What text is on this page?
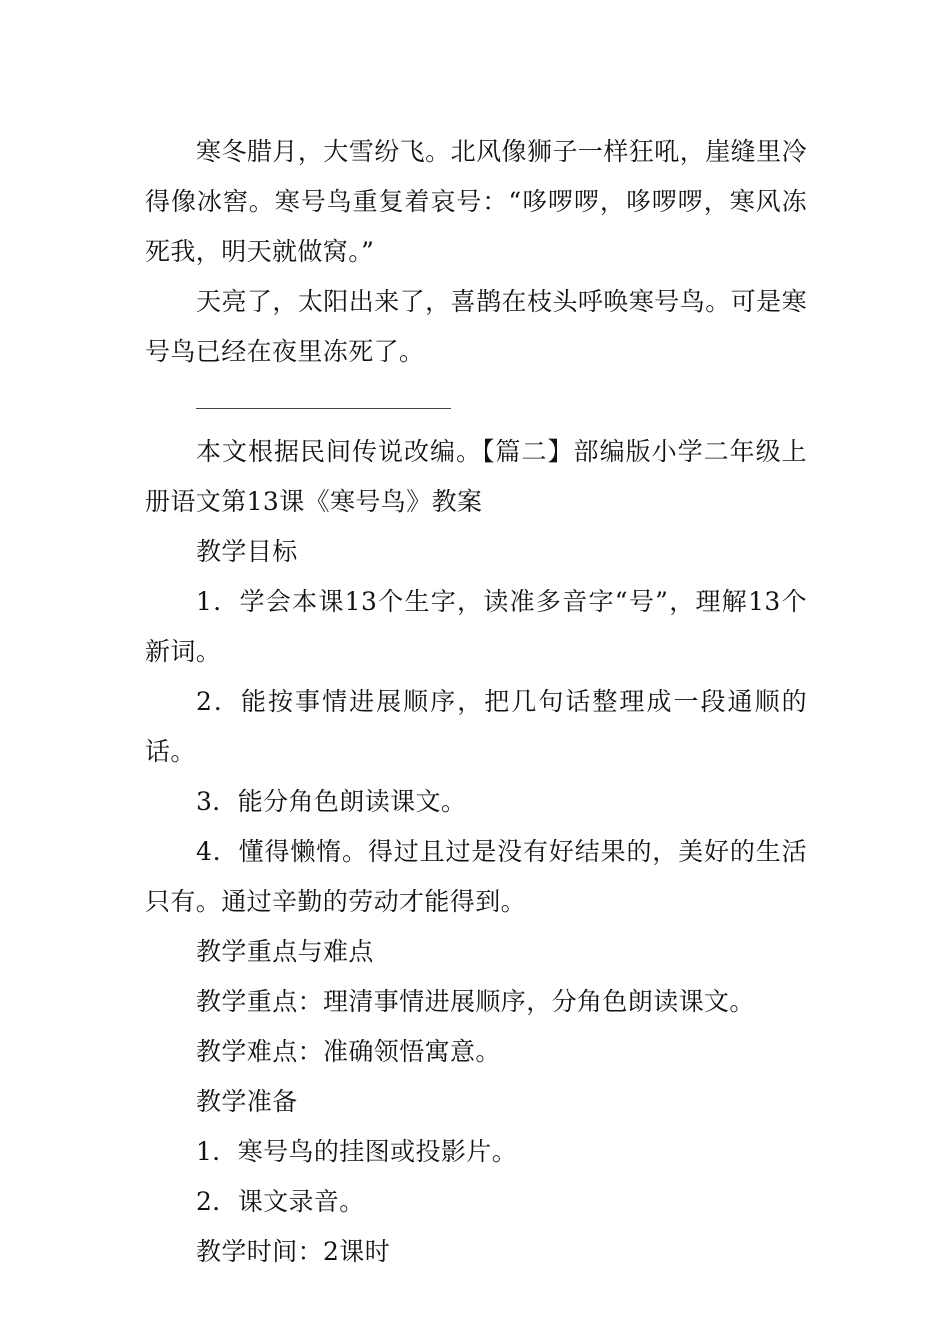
寒冬腊月，大雪纷飞。北风像狮子一样狂吼，崖缝里冷得像冰窖。寒号鸟重复着哀号：“哆啰啰，哆啰啰，寒风冻死我，明天就做窝。”

天亮了，太阳出来了，喜鹊在枝头呼唤寒号鸟。可是寒号鸟已经在夜里冻死了。

本文根据民间传说改编。【篇二】部编版小学二年级上册语文第13课《寒号鸟》教案

教学目标

1．学会本课13个生字，读准多音字“号”，理解13个新词。

2．能按事情进展顺序，把几句话整理成一段通顺的话。

3．能分角色朗读课文。

4．懂得懒惰。得过且过是没有好结果的，美好的生活只有。通过辛勤的劳动才能得到。

教学重点与难点

教学重点：理清事情进展顺序，分角色朗读课文。

教学难点：准确领悟寓意。

教学准备

1．寒号鸟的挂图或投影片。

2．课文录音。

教学时间：2课时
